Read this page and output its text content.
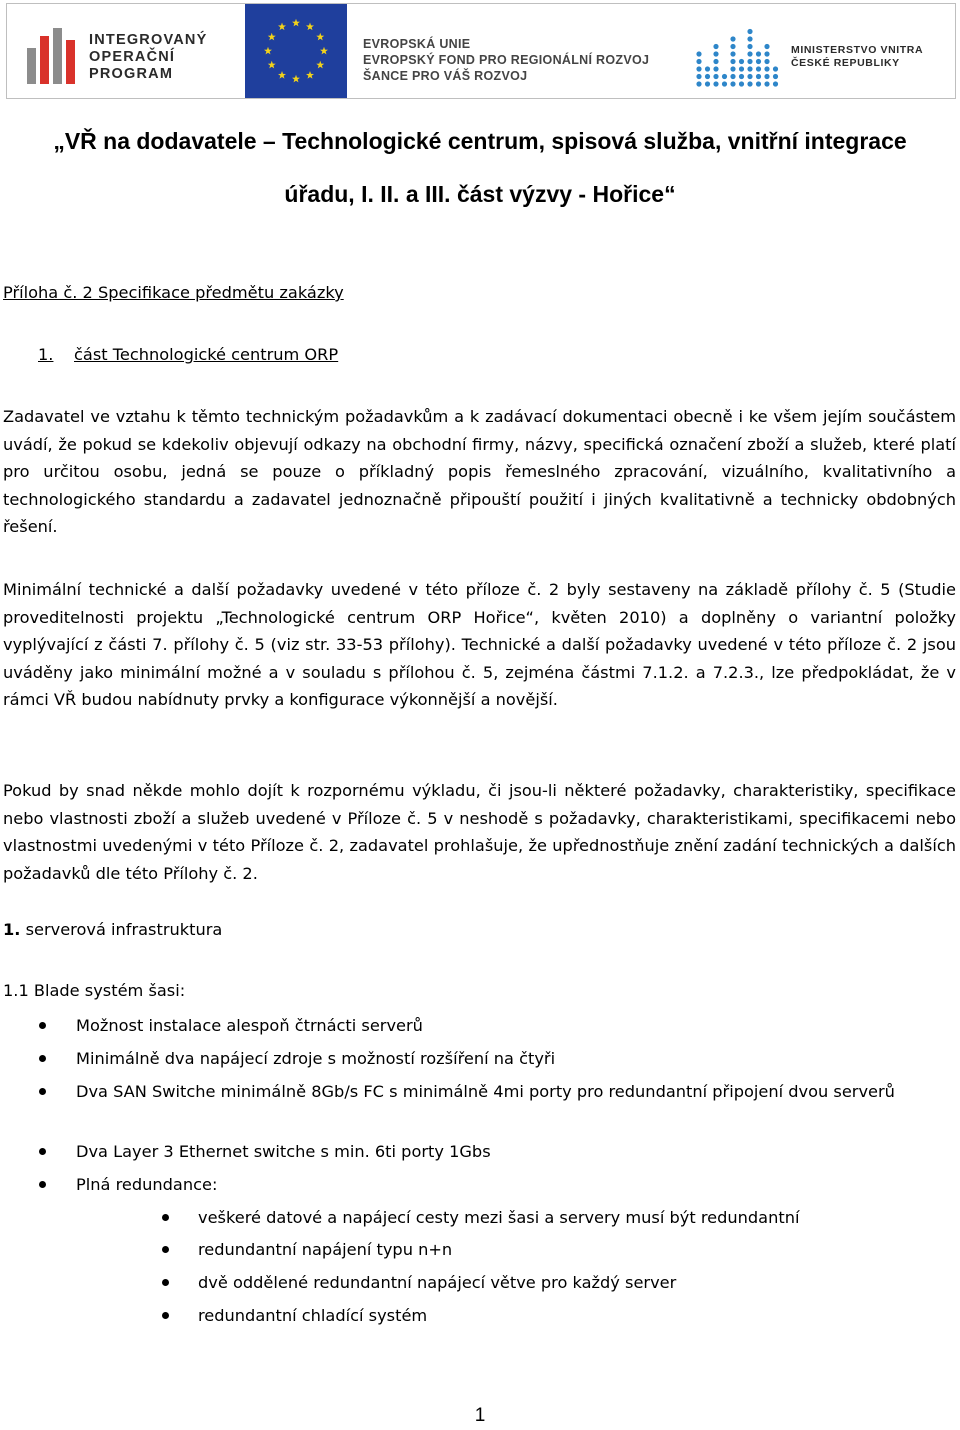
INTEGROVANÝ
OPERAČNÍ
PROGRAM
EVROPSKÁ UNIE
EVROPSKÝ FOND PRO REGIONÁLNÍ ROZVOJ
ŠANCE PRO VÁŠ ROZVOJ
MINISTERSTVO VNITRA
ČESKÉ REPUBLIKY
„VŘ na dodavatele – Technologické centrum, spisová služba, vnitřní integrace
úřadu, I. II. a III. část výzvy - Hořice“
Příloha č. 2 Specifikace předmětu zakázky
1. část Technologické centrum ORP
Zadavatel ve vztahu k těmto technickým požadavkům a k zadávací dokumentaci obecně i ke všem jejím součástem uvádí, že pokud se kdekoliv objevují odkazy na obchodní firmy, názvy, specifická označení zboží a služeb, které platí pro určitou osobu, jedná se pouze o příkladný popis řemeslného zpracování, vizuálního, kvalitativního a technologického standardu a zadavatel jednoznačně připouští použití i jiných kvalitativně a technicky obdobných řešení.
Minimální technické a další požadavky uvedené v této příloze č. 2 byly sestaveny na základě přílohy č. 5 (Studie proveditelnosti projektu „Technologické centrum ORP Hořice“, květen 2010) a doplněny o variantní položky vyplývající z části 7. přílohy č. 5 (viz str. 33-53 přílohy). Technické a další požadavky uvedené v této příloze č. 2 jsou uváděny jako minimální možné a v souladu s přílohou č. 5, zejména částmi 7.1.2. a 7.2.3., lze předpokládat, že v rámci VŘ budou nabídnuty prvky a konfigurace výkonnější a novější.
Pokud by snad někde mohlo dojít k rozpornému výkladu, či jsou-li některé požadavky, charakteristiky, specifikace nebo vlastnosti zboží a služeb uvedené v Příloze č. 5 v neshodě s požadavky, charakteristikami, specifikacemi nebo vlastnostmi uvedenými v této Příloze č. 2, zadavatel prohlašuje, že upřednostňuje znění zadání technických a dalších požadavků dle této Přílohy č. 2.
1. serverová infrastruktura
1.1 Blade systém šasi:
Možnost instalace alespoň čtrnácti serverů
Minimálně dva napájecí zdroje s možností rozšíření na čtyři
Dva SAN Switche minimálně 8Gb/s FC s minimálně 4mi porty pro redundantní připojení dvou serverů
Dva Layer 3 Ethernet switche s min. 6ti porty 1Gbs
Plná redundance:
veškeré datové a napájecí cesty mezi šasi a servery musí být redundantní
redundantní napájení typu n+n
dvě oddělené redundantní napájecí větve pro každý server
redundantní chladící systém
1
